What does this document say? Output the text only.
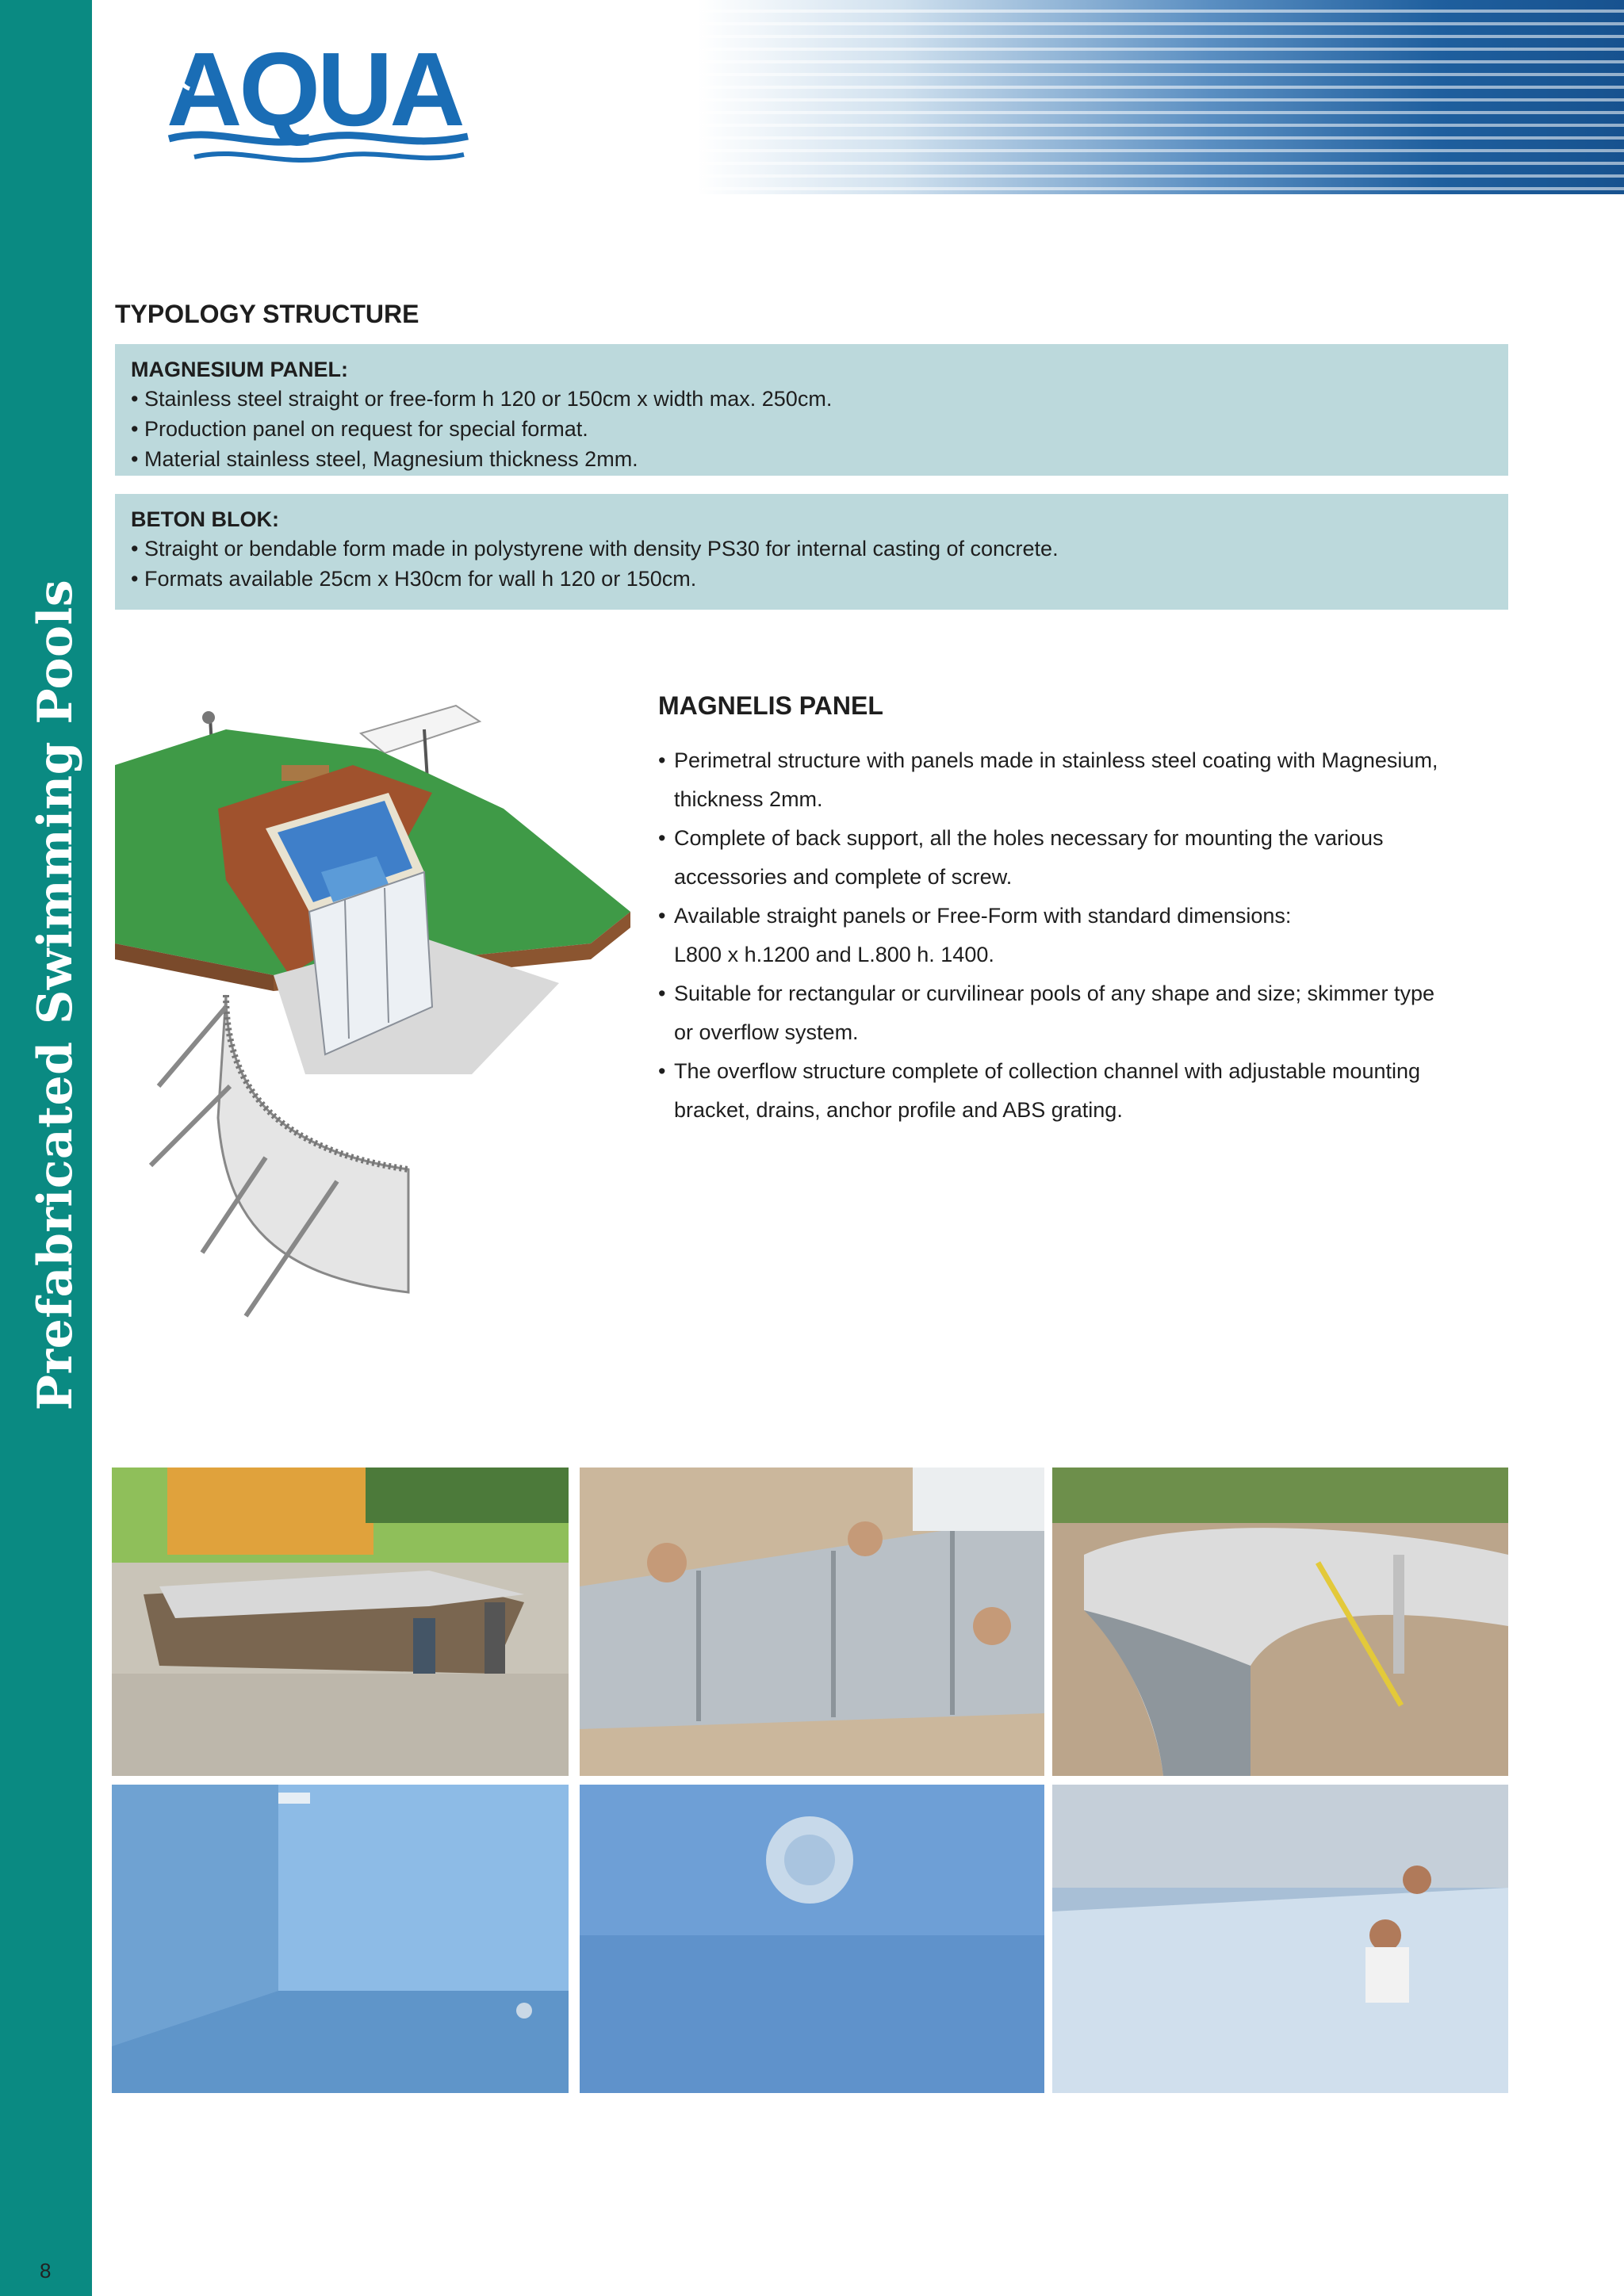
Prefabricated Swimming Pools
8
AQUA
TYPOLOGY STRUCTURE
MAGNESIUM PANEL:
• Stainless steel straight or free-form h 120 or 150cm x width max. 250cm.
• Production panel on request for special format.
• Material stainless steel, Magnesium thickness 2mm.
BETON BLOK:
• Straight or bendable form made in polystyrene with density PS30 for internal casting of concrete.
• Formats available 25cm x H30cm for wall h 120 or 150cm.
MAGNELIS PANEL
• Perimetral structure with panels made in stainless steel coating with Magnesium,
thickness 2mm.
• Complete of back support, all the holes necessary for mounting the various
accessories and complete of screw.
• Available straight panels or Free-Form with standard dimensions:
L800 x h.1200 and L.800 h. 1400.
• Suitable for rectangular or curvilinear pools of any shape and size; skimmer type
or overflow system.
• The overflow structure complete of collection channel with adjustable mounting
bracket, drains, anchor profile and ABS grating.
